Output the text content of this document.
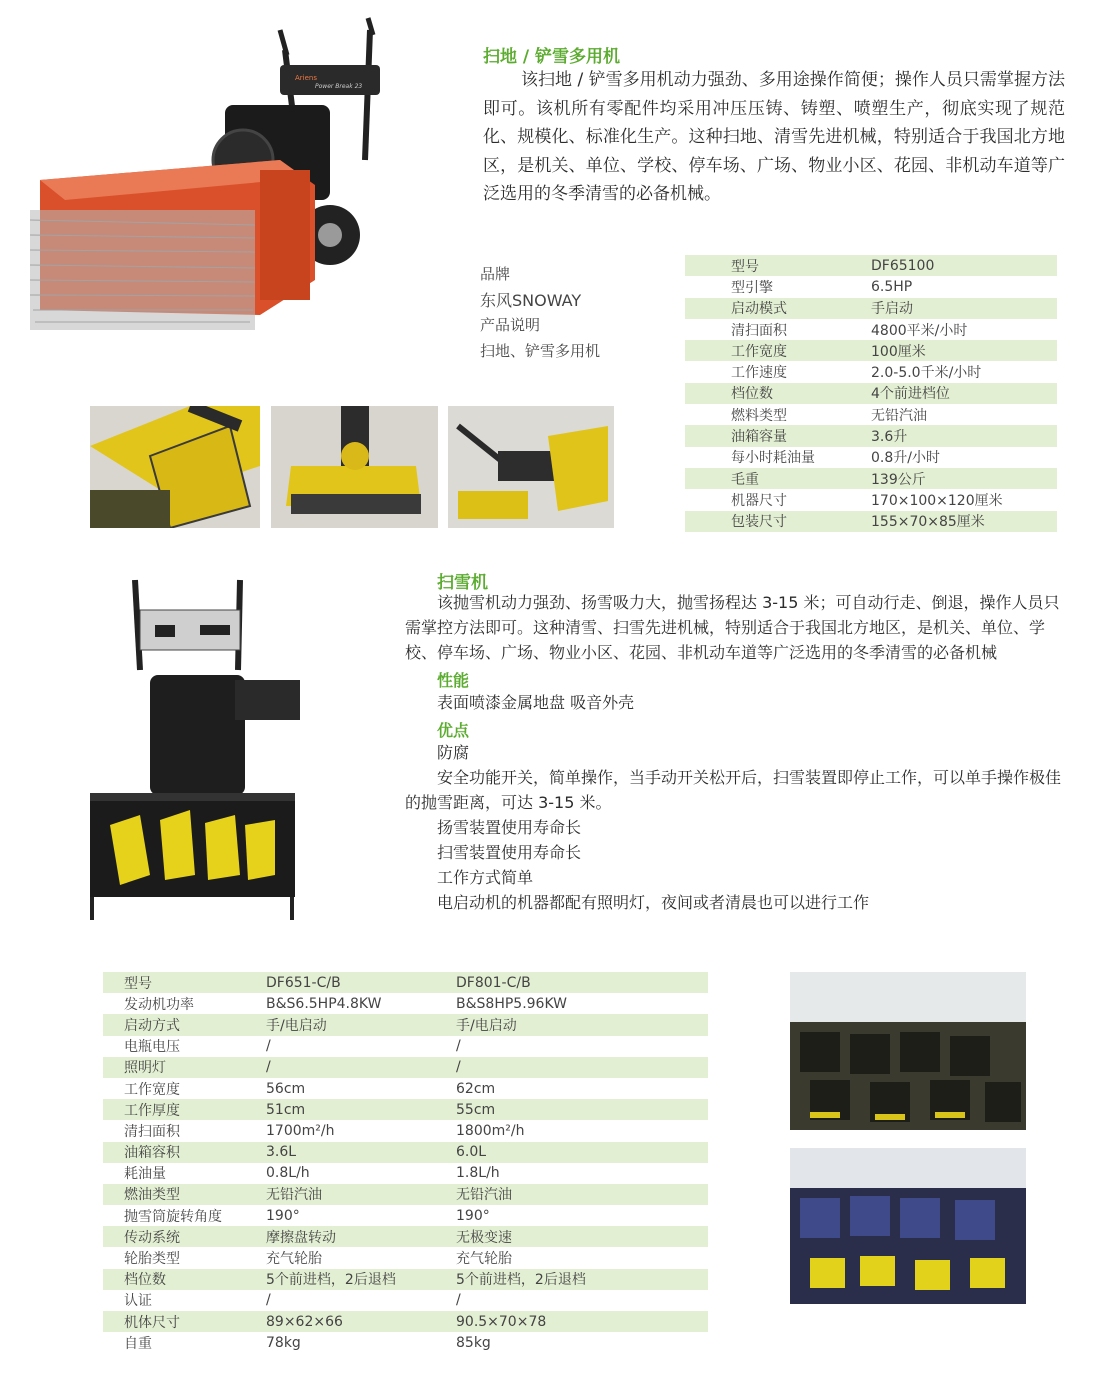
Ariens
Power Break 23
扫地 / 铲雪多用机
该扫地 / 铲雪多用机动力强劲、多用途操作简便；操作人员只需掌握方法即可。该机所有零配件均采用冲压压铸、铸塑、喷塑生产，彻底实现了规范化、规模化、标准化生产。这种扫地、清雪先进机械，特别适合于我国北方地区，是机关、单位、学校、停车场、广场、物业小区、花园、非机动车道等广泛选用的冬季清雪的必备机械。
品牌
东风SNOWAY
产品说明
扫地、铲雪多用机
型号	DF65100
型引擎	6.5HP
启动模式	手启动
清扫面积	4800平米/小时
工作宽度	100厘米
工作速度	2.0-5.0千米/小时
档位数	4个前进档位
燃料类型	无铅汽油
油箱容量	3.6升
每小时耗油量	0.8升/小时
毛重	139公斤
机器尺寸	170×100×120厘米
包装尺寸	155×70×85厘米
扫雪机
该抛雪机动力强劲、扬雪吸力大，抛雪扬程达 3-15 米；可自动行走、倒退，操作人员只需掌控方法即可。这种清雪、扫雪先进机械，特别适合于我国北方地区，是机关、单位、学校、停车场、广场、物业小区、花园、非机动车道等广泛选用的冬季清雪的必备机械
性能
表面喷漆金属地盘 吸音外壳
优点
防腐
安全功能开关，简单操作，当手动开关松开后，扫雪装置即停止工作，可以单手操作极佳的抛雪距离，可达 3-15 米。
扬雪装置使用寿命长
扫雪装置使用寿命长
工作方式简单
电启动机的机器都配有照明灯，夜间或者清晨也可以进行工作
型号	DF651-C/B	DF801-C/B
发动机功率	B&S6.5HP4.8KW	B&S8HP5.96KW
启动方式	手/电启动	手/电启动
电瓶电压	/	/
照明灯	/	/
工作宽度	56cm	62cm
工作厚度	51cm	55cm
清扫面积	1700m²/h	1800m²/h
油箱容积	3.6L	6.0L
耗油量	0.8L/h	1.8L/h
燃油类型	无铅汽油	无铅汽油
抛雪筒旋转角度	190°	190°
传动系统	摩擦盘转动	无极变速
轮胎类型	充气轮胎	充气轮胎
档位数	5个前进档，2后退档	5个前进档，2后退档
认证	/	/
机体尺寸	89×62×66	90.5×70×78
自重	78kg	85kg
